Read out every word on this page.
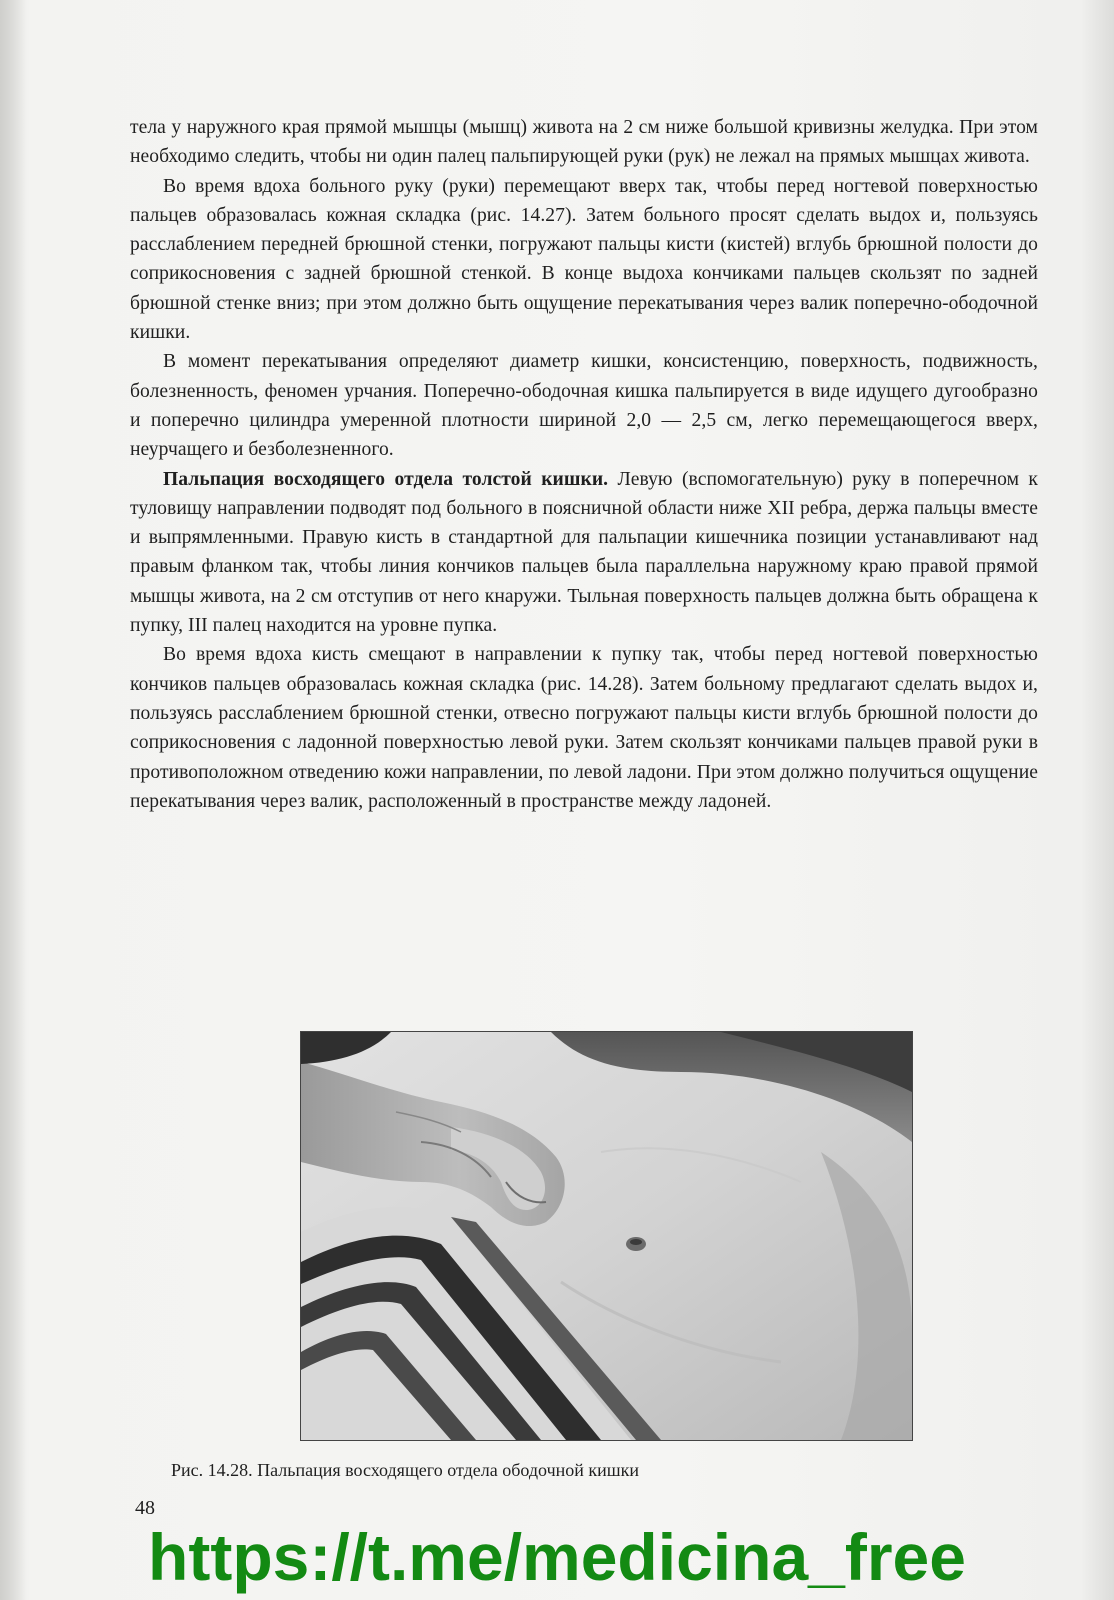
тела у наружного края прямой мышцы (мышц) живота на 2 см ниже большой кривизны желудка. При этом необходимо следить, чтобы ни один палец пальпирующей руки (рук) не лежал на прямых мышцах живота.

Во время вдоха больного руку (руки) перемещают вверх так, чтобы перед ногтевой поверхностью пальцев образовалась кожная складка (рис. 14.27). Затем больного просят сделать выдох и, пользуясь расслаблением передней брюшной стенки, погружают пальцы кисти (кистей) вглубь брюшной полости до соприкосновения с задней брюшной стенкой. В конце выдоха кончиками пальцев скользят по задней брюшной стенке вниз; при этом должно быть ощущение перекатывания через валик поперечно-ободочной кишки.

В момент перекатывания определяют диаметр кишки, консистенцию, поверхность, подвижность, болезненность, феномен урчания. Поперечно-ободочная кишка пальпируется в виде идущего дугообразно и поперечно цилиндра умеренной плотности шириной 2,0 — 2,5 см, легко перемещающегося вверх, неурчащего и безболезненного.

Пальпация восходящего отдела толстой кишки. Левую (вспомогательную) руку в поперечном к туловищу направлении подводят под больного в поясничной области ниже XII ребра, держа пальцы вместе и выпрямленными. Правую кисть в стандартной для пальпации кишечника позиции устанавливают над правым фланком так, чтобы линия кончиков пальцев была параллельна наружному краю правой прямой мышцы живота, на 2 см отступив от него кнаружи. Тыльная поверхность пальцев должна быть обращена к пупку, III палец находится на уровне пупка.

Во время вдоха кисть смещают в направлении к пупку так, чтобы перед ногтевой поверхностью кончиков пальцев образовалась кожная складка (рис. 14.28). Затем больному предлагают сделать выдох и, пользуясь расслаблением брюшной стенки, отвесно погружают пальцы кисти вглубь брюшной полости до соприкосновения с ладонной поверхностью левой руки. Затем скользят кончиками пальцев правой руки в противоположном отведению кожи направлении, по левой ладони. При этом должно получиться ощущение перекатывания через валик, расположенный в пространстве между ладоней.

Рис. 14.28. Пальпация восходящего отдела ободочной кишки
48
https://t.me/medicina_free
